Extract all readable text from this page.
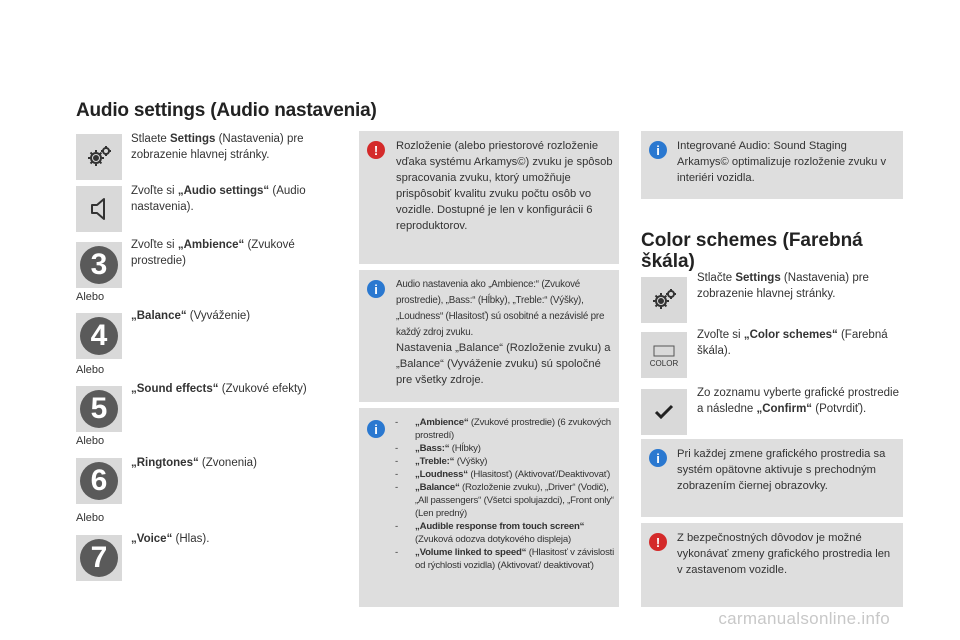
Audio settings (Audio nastavenia)
Stlaete Settings (Nastavenia) pre zobrazenie hlavnej stránky.
Zvoľte si „Audio settings“ (Audio nastavenia).
3
Zvoľte si „Ambience“ (Zvukové prostredie)
Alebo
4
„Balance“ (Vyváženie)
Alebo
5
„Sound effects“ (Zvukové efekty)
Alebo
6
„Ringtones“ (Zvonenia)
Alebo
7
„Voice“ (Hlas).
!	Rozloženie (alebo priestorové rozloženie vďaka systému Arkamys©) zvuku je spôsob spracovania zvuku, ktorý umožňuje prispôsobiť kvalitu zvuku počtu osôb vo vozidle. Dostupné je len v konfigurácii 6 reproduktorov.
i	Audio nastavenia ako „Ambience:“ (Zvukové prostredie), „Bass:“ (Hĺbky), „Treble:“ (Výšky), „Loudness“ (Hlasitosť) sú osobitné a nezávislé pre každý zdroj zvuku.
Nastavenia „Balance“ (Rozloženie zvuku) a „Balance“ (Vyváženie zvuku) sú spoločné pre všetky zdroje.
i	-	„Ambience“ (Zvukové prostredie) (6 zvukových prostredí)
-	„Bass:“ (Hĺbky)
-	„Treble:“ (Výšky)
-	„Loudness“ (Hlasitosť) (Aktivovať/Deaktivovať)
-	„Balance“ (Rozloženie zvuku), „Driver“ (Vodič), „All passengers“ (Všetci spolujazdci), „Front only“ (Len predný)
-	„Audible response from touch screen“ (Zvuková odozva dotykového displeja)
-	„Volume linked to speed“ (Hlasitosť v závislosti od rýchlosti vozidla) (Aktivovať/ deaktivovať)
i	Integrované Audio: Sound Staging Arkamys© optimalizuje rozloženie zvuku v interiéri vozidla.
Color schemes (Farebná škála)
Stlačte Settings (Nastavenia) pre zobrazenie hlavnej stránky.
COLOR
Zvoľte si „Color schemes“ (Farebná škála).
Zo zoznamu vyberte grafické prostredie a následne „Confirm“ (Potvrdiť).
i	Pri každej zmene grafického prostredia sa systém opätovne aktivuje s prechodným zobrazením čiernej obrazovky.
!	Z bezpečnostných dôvodov je možné vykonávať zmeny grafického prostredia len v zastavenom vozidle.
carmanualsonline.info
